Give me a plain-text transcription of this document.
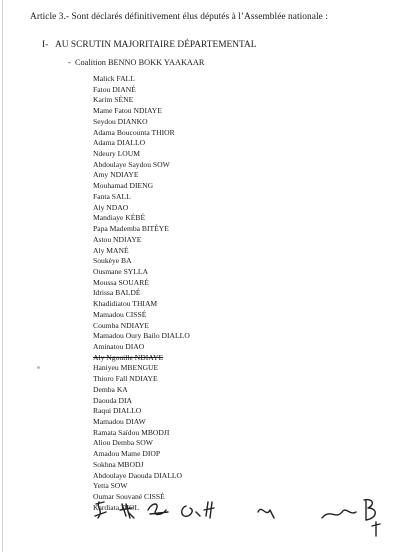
Article 3.- Sont déclarés définitivement élus députés à l’Assemblée nationale :
I- AU SCRUTIN MAJORITAIRE DÉPARTEMENTAL
- Coalition BENNO BOKK YAAKAAR
Malick FALL
Fatou DIANÉ
Karim SÈNE
Mame Fatou NDIAYE
Seydou DIANKO
Adama Boucounta THIOR
Adama DIALLO
Ndeury LOUM
Abdoulaye Saydou SOW
Amy NDIAYE
Mouhamad DIENG
Fanta SALL
Aly NDAO
Mandiaye KÉBÉ
Papa Mademba BITÈYE
Astou NDIAYE
Aly MANÉ
Soukèye BA
Ousmane SYLLA
Moussa SOUARÉ
Idrissa BALDÉ
Khadidiatou THIAM
Mamadou CISSÉ
Coumba NDIAYE
Mamadou Oury Bailo DIALLO
Aminatou DIAO
Aly Ngouille NDIAYE
Haniyeu MBENGUE
Thioro Fall NDIAYE
Demba KA
Daouda DIA
Raqui DIALLO
Mamadou DIAW
Ramata Saïdou MBODJI
Aliou Demba SOW
Amadou Mame DIOP
Sokhna MBODJ
Abdoulaye Daouda DIALLO
Yetta SOW
Oumar Souvané CISSÉ
Kardiata DIOL
